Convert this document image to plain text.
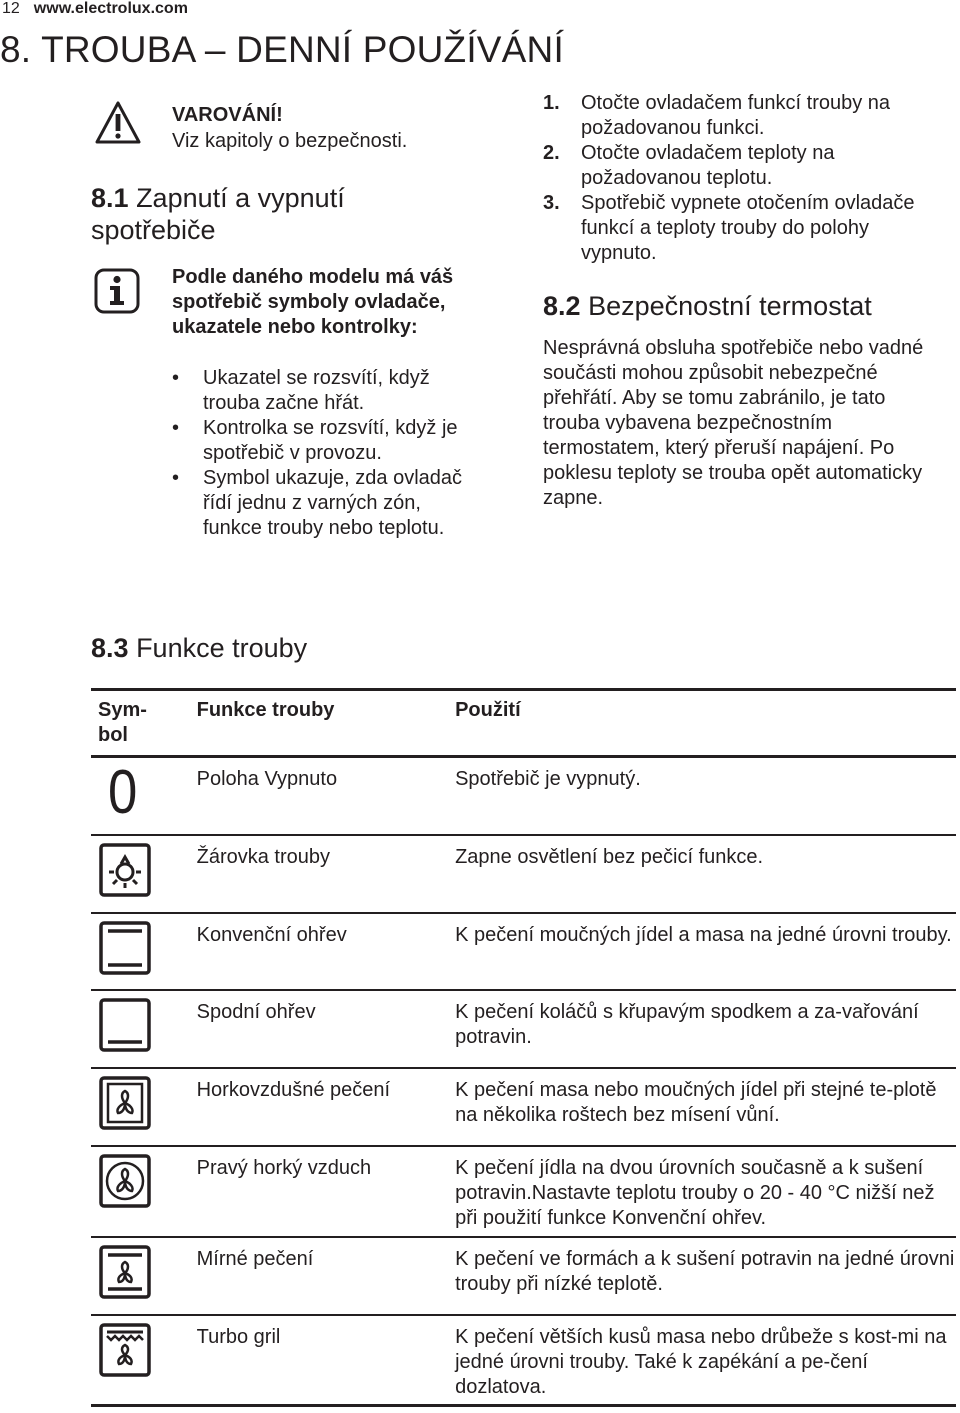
12 www.electrolux.com
8. TROUBA – DENNÍ POUŽÍVÁNÍ
VAROVÁNÍ!
Viz kapitoly o bezpečnosti.
8.1 Zapnutí a vypnutí spotřebiče
Podle daného modelu má váš spotřebič symboly ovladače, ukazatele nebo kontrolky:
• Ukazatel se rozsvítí, když trouba začne hřát.
• Kontrolka se rozsvítí, když je spotřebič v provozu.
• Symbol ukazuje, zda ovladač řídí jednu z varných zón, funkce trouby nebo teplotu.
1. Otočte ovladačem funkcí trouby na požadovanou funkci.
2. Otočte ovladačem teploty na požadovanou teplotu.
3. Spotřebič vypnete otočením ovladače funkcí a teploty trouby do polohy vypnuto.
8.2 Bezpečnostní termostat
Nesprávná obsluha spotřebiče nebo vadné součásti mohou způsobit nebezpečné přehřátí. Aby se tomu zabránilo, je tato trouba vybavena bezpečnostním termostatem, který přeruší napájení. Po poklesu teploty se trouba opět automaticky zapne.
8.3 Funkce trouby
Sym-
bol	Funkce trouby	Použití

0	Poloha Vypnuto	Spotřebič je vypnutý.

	Žárovka trouby	Zapne osvětlení bez pečicí funkce.

	Konvenční ohřev	K pečení moučných jídel a masa na jedné úrovni trouby.

	Spodní ohřev	K pečení koláčů s křupavým spodkem a za-vařování potravin.

	Horkovzdušné pečení	K pečení masa nebo moučných jídel při stejné te-plotě na několika roštech bez mísení vůní.

	Pravý horký vzduch	K pečení jídla na dvou úrovních současně a k sušení potravin.Nastavte teplotu trouby o 20 - 40 °C nižší než při použití funkce Konvenční ohřev.

	Mírné pečení	K pečení ve formách a k sušení potravin na jedné úrovni trouby při nízké teplotě.

	Turbo gril	K pečení větších kusů masa nebo drůbeže s kost-mi na jedné úrovni trouby. Také k zapékání a pe-čení dozlatova.
